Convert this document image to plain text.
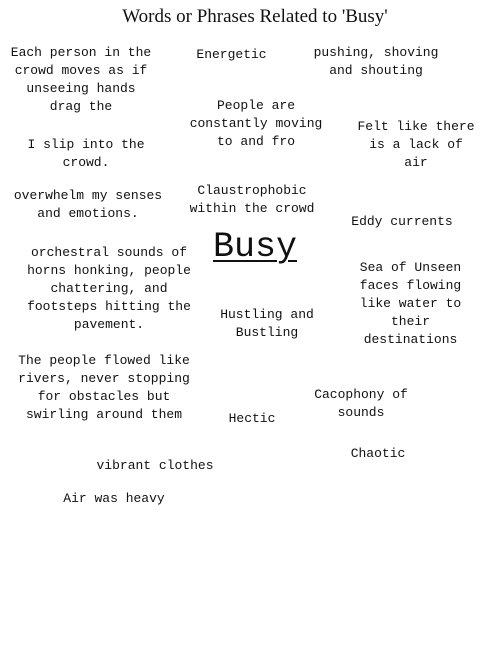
Words or Phrases Related to 'Busy'
Each person in the
crowd moves as if
unseeing hands
drag the
Energetic	pushing, shoving
and shouting
People are
constantly moving
to and fro
Felt like there
is a lack of
air
I slip into the
crowd.
overwhelm my senses
and emotions.
Claustrophobic
within the crowd
Eddy currents
Busy
orchestral sounds of
horns honking, people
chattering, and
footsteps hitting the
pavement.
Sea of Unseen
faces flowing
like water to
their
destinations
Hustling and
Bustling
The people flowed like
rivers, never stopping
for obstacles but
swirling around them
Cacophony of
sounds
Hectic
Chaotic
vibrant clothes
Air was heavy
